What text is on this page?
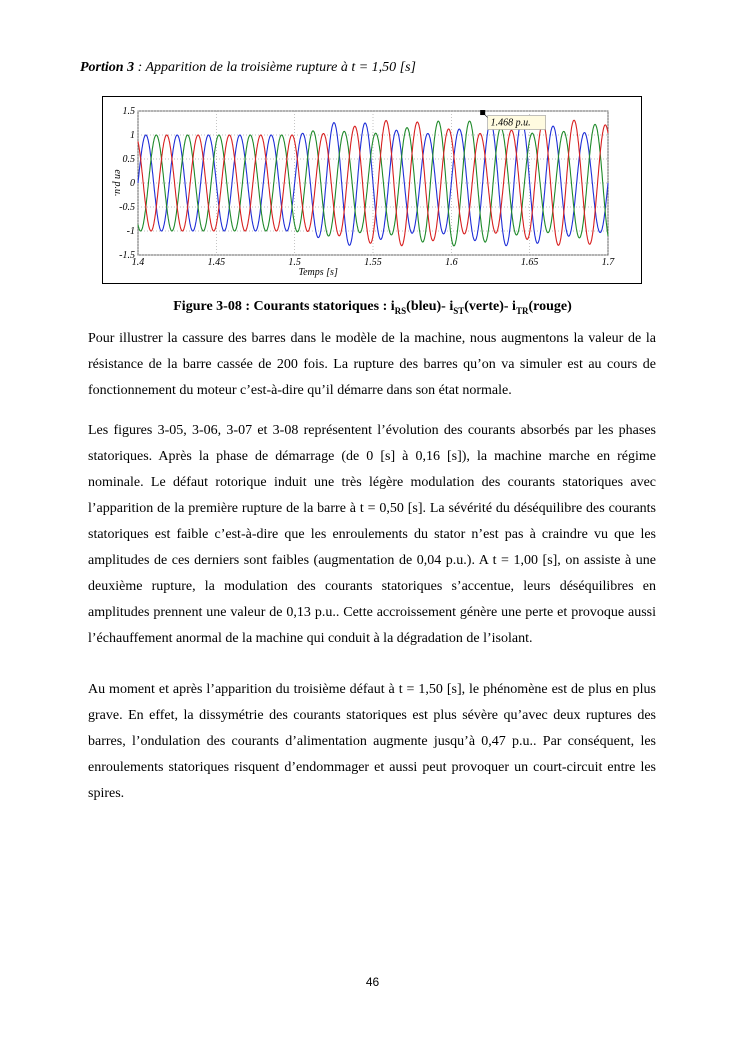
Portion 3 : Apparition de la troisième rupture à t = 1,50 [s]
1.4	1.45	1.5	1.55	1.6	1.65	1.7
1.5
1
0.5
0
-0.5
-1
-1.5
Temps [s]
en p.u.
1.468 p.u.
Figure 3-08 : Courants statoriques : $i_{RS}(bleu)-$ $i_{ST}(verte)-$ $i_{TR}(rouge)$

Pour illustrer la cassure des barres dans le modèle de la machine, nous augmentons la valeur de la résistance de la barre cassée de 200 fois. La rupture des barres qu’on va simuler est au cours de fonctionnement du moteur c’est-à-dire qu’il démarre dans son état normale.

Les figures 3-05, 3-06, 3-07 et 3-08 représentent l’évolution des courants absorbés par les phases statoriques. Après la phase de démarrage (de 0 [s] à 0,16 [s]), la machine marche en régime nominale. Le défaut rotorique induit une très légère modulation des courants statoriques avec l’apparition de la première rupture de la barre à t = 0,50 [s]. La sévérité du déséquilibre des courants statoriques est faible c’est-à-dire que les enroulements du stator n’est pas à craindre vu que les amplitudes de ces derniers sont faibles (augmentation de 0,04 p.u.). A t = 1,00 [s], on assiste à une deuxième rupture, la modulation des courants statoriques s’accentue, leurs déséquilibres en amplitudes prennent une valeur de 0,13 p.u.. Cette accroissement génère une perte et provoque aussi l’échauffement anormal de la machine qui conduit à la dégradation de l’isolant.

Au moment et après l’apparition du troisième défaut à t = 1,50 [s], le phénomène est de plus en plus grave. En effet, la dissymétrie des courants statoriques est plus sévère qu’avec deux ruptures des barres, l’ondulation des courants d’alimentation augmente jusqu’à 0,47 p.u.. Par conséquent, les enroulements statoriques risquent d’endommager et aussi peut provoquer un court-circuit entre les spires.

46
